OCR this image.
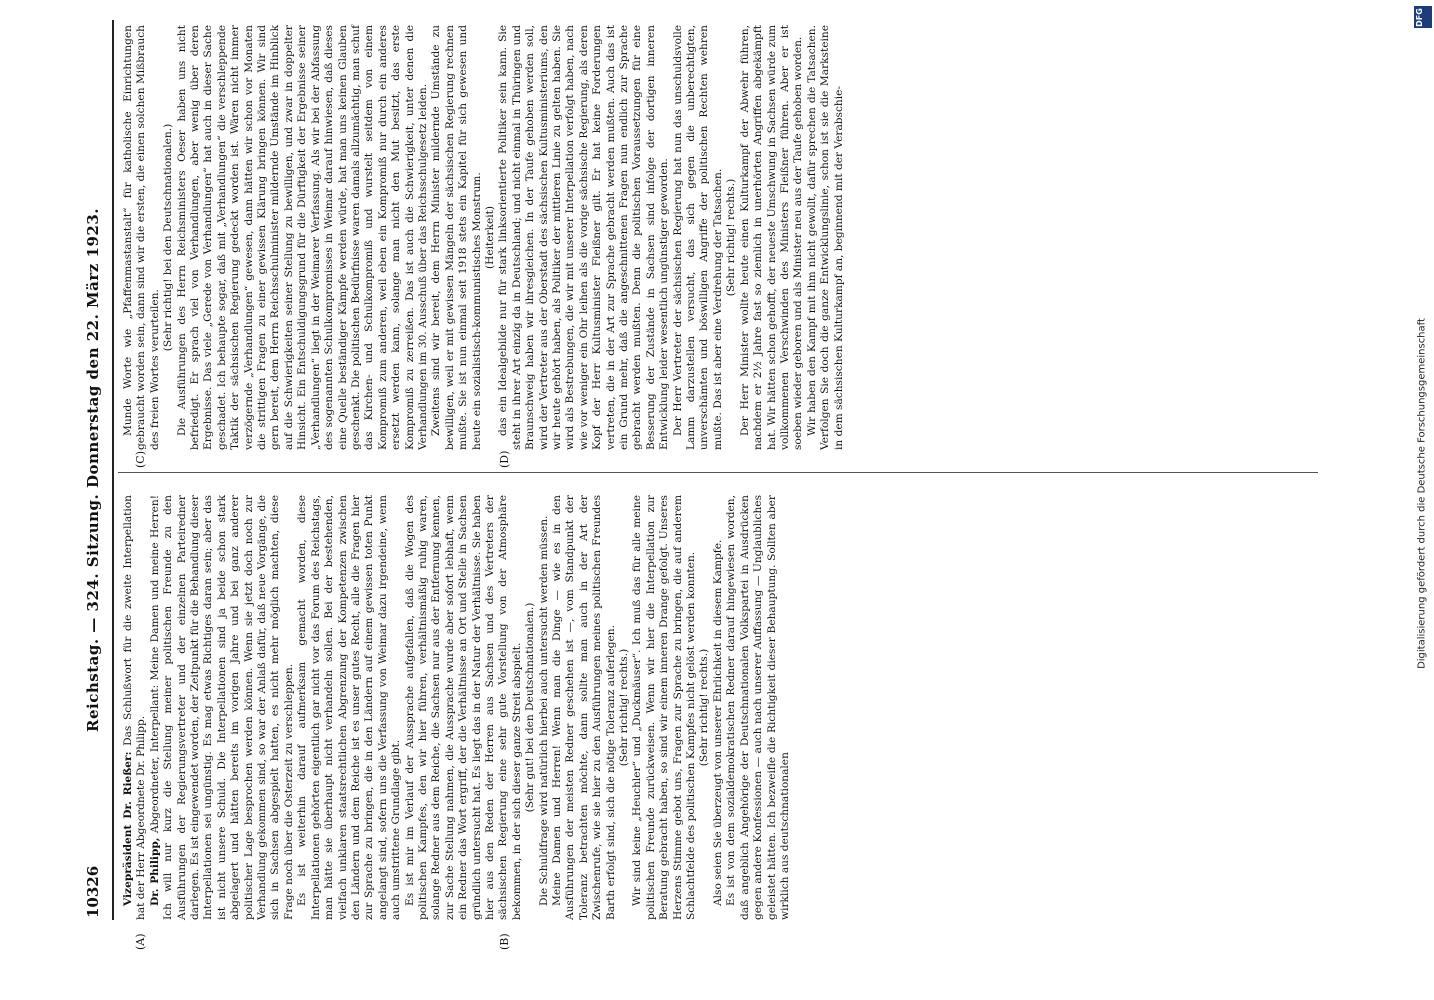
10326
Reichstag. — 324. Sitzung. Donnerstag den 22. März 1923.

Vizepräsident Dr. Rießer: Das Schlußwort für die zweite Interpellation hat der Herr Abgeordnete Dr. Philipp. Dr. Philipp, Abgeordneter, Interpellant: Meine Damen und meine Herren! Ich will nur kurz die Stellung meiner politischen Freunde zu den Ausführungen der Regierungsvertreter und der einzelnen Parteiredner darlegen. Es ist eingewendet worden, der Zeitpunkt für die Behandlung dieser Interpellationen sei ungünstig. Es mag etwas Richtiges daran sein; aber das ist nicht unsere Schuld. Die Interpellationen sind ja beide schon stark abgelagert und hätten bereits im vorigen Jahre und bei ganz anderer politischer Lage besprochen werden können. Wenn sie jetzt doch noch zur Verhandlung gekommen sind, so war der Anlaß dafür, daß neue Vorgänge, die sich in Sachsen abgespielt hatten, es nicht mehr möglich machten, diese Frage noch über die Osterzeit zu verschleppen. Es ist weiterhin darauf aufmerksam gemacht worden, diese Interpellationen gehörten eigentlich gar nicht vor das Forum des Reichstags, man hätte sie überhaupt nicht verhandeln sollen. Bei der bestehenden, vielfach unklaren staatsrechtlichen Abgrenzung der Kompetenzen zwischen den Ländern und dem Reiche ist es unser gutes Recht, alle die Fragen hier zur Sprache zu bringen, die in den Ländern auf einem gewissen toten Punkt angelangt sind, sofern uns die Verfassung von Weimar dazu irgendeine, wenn auch umstrittene Grundlage gibt. Es ist mir im Verlauf der Aussprache aufgefallen, daß die Wogen des politischen Kampfes, den wir hier führen, verhältnismäßig ruhig waren, solange Redner aus dem Reiche, die Sachsen nur aus der Entfernung kennen, zur Sache Stellung nahmen, die Aussprache wurde aber sofort lebhaft, wenn ein Redner das Wort ergriff, der die Verhältnisse an Ort und Stelle in Sachsen gründlich untersucht hat. Es liegt das in der Natur der Verhältnisse. Sie haben hier aus den Reden der Herren aus Sachsen und des Vertreters der sächsischen Regierung eine sehr gute Vorstellung von der Atmosphäre bekommen, in der sich dieser ganze Streit abspielt. (Sehr gut! bei den Deutschnationalen.) Die Schuldfrage wird natürlich hierbei auch untersucht werden müssen. Meine Damen und Herren! Wenn man die Dinge — wie es in den Ausführungen der meisten Redner geschehen ist —, vom Standpunkt der Toleranz betrachten möchte, dann sollte man auch in der Art der Zwischenrufe, wie sie hier zu den Ausführungen meines politischen Freundes Barth erfolgt sind, sich die nötige Toleranz auferlegen. (Sehr richtig! rechts.) Wir sind keine „Heuchler“ und „Duckmäuser“. Ich muß das für alle meine politischen Freunde zurückweisen. Wenn wir hier die Interpellation zur Beratung gebracht haben, so sind wir einem inneren Drange gefolgt. Unseres Herzens Stimme gebot uns, Fragen zur Sprache zu bringen, die auf anderem Schlachtfelde des politischen Kampfes nicht gelöst werden konnten. (Sehr richtig! rechts.) Also seien Sie überzeugt von unserer Ehrlichkeit in diesem Kampfe. Es ist von dem sozialdemokratischen Redner darauf hingewiesen worden, daß angeblich Angehörige der Deutschnationalen Volkspartei in Ausdrücken gegen andere Konfessionen — auch nach unserer Auffassung — Unglaubliches geleistet hätten. Ich bezweifle die Richtigkeit dieser Behauptung. Sollten aber wirklich aus deutschnationalen

Munde Worte wie „Pfaffenmastanstalt“ für katholische Einrichtungen gebraucht worden sein, dann sind wir die ersten, die einen solchen Mißbrauch des freien Wortes verurteilen.

(Sehr richtig! bei den Deutschnationalen.) Die Ausführungen des Herrn Reichsministers Oeser haben uns nicht befriedigt. Er sprach viel von Verhandlungen, aber wenig über deren Ergebnisse. Das viele „Gerede von Verhandlungen“ hat auch in dieser Sache geschadet. Ich behaupte sogar, daß mit „Verhandlungen“ die verschleppende Taktik der sächsischen Regierung gedeckt worden ist. Wären nicht immer verzögernde „Verhandlungen“ gewesen, dann hätten wir schon vor Monaten die strittigen Fragen zu einer gewissen Klärung bringen können. Wir sind gern bereit, dem Herrn Reichsschulminister mildernde Umstände im Hinblick auf die Schwierigkeiten seiner Stellung zu bewilligen, und zwar in doppelter Hinsicht. Ein Entschuldigungsgrund für die Dürftigkeit der Ergebnisse seiner „Verhandlungen“ liegt in der Weimarer Verfassung. Als wir bei der Abfassung des sogenannten Schulkompromisses in Weimar darauf hinwiesen, daß dieses eine Quelle beständiger Kämpfe werden würde, hat man uns keinen Glauben geschenkt. Die politischen Bedürfnisse waren damals allzumächtig, man schuf das Kirchen- und Schulkompromiß und wurstelt seitdem von einem Kompromiß zum anderen, weil eben ein Kompromiß nur durch ein anderes ersetzt werden kann, solange man nicht den Mut besitzt, das erste Kompromiß zu zerreißen. Das ist auch die Schwierigkeit, unter denen die Verhandlungen im 30. Ausschuß über das Reichsschulgesetz leiden. Zweitens sind wir bereit, dem Herrn Minister mildernde Umstände zu bewilligen, weil er mit gewissen Mängeln der sächsischen Regierung rechnen mußte. Sie ist nun einmal seit 1918 stets ein Kapitel für sich gewesen und heute ein sozialistisch-kommunistisches Monstrum. (Heiterkeit) das ein Idealgebilde nur für stark linksorientierte Politiker sein kann. Sie steht in ihrer Art einzig da in Deutschland; und nicht einmal in Thüringen und Braunschweig haben wir ihresgleichen. In der Taufe gehoben werden soll, wird der Vertreter aus der Oberstadt des sächsischen Kultusministeriums, den wir heute gehört haben, als Politiker der mittleren Linie zu gelten haben. Sie wird als Bestrebungen, die wir mit unserer Interpellation verfolgt haben, nach wie vor weniger ein Ohr leihen als die vorige sächsische Regierung, als deren Kopf der Herr Kultusminister Fleißner gilt. Er hat keine Forderungen vertreten, die in der Art zur Sprache gebracht werden mußten. Auch das ist ein Grund mehr, daß die angeschnittenen Fragen nun endlich zur Sprache gebracht werden mußten. Denn die politischen Voraussetzungen für eine Besserung der Zustände in Sachsen sind infolge der dortigen inneren Entwicklung leider wesentlich ungünstiger geworden. Der Herr Vertreter der sächsischen Regierung hat nun das unschuldsvolle Lamm darzustellen versucht, das sich gegen die unberechtigten, unverschämten und böswilligen Angriffe der politischen Rechten wehren mußte. Das ist aber eine Verdrehung der Tatsachen. (Sehr richtig! rechts.) Der Herr Minister wollte heute einen Kulturkampf der Abwehr führen, nachdem er 2½ Jahre fast so ziemlich in unerhörten Angriffen abgekämpft hat. Wir hätten schon gehofft, der neueste Umschwung in Sachsen würde zum vollkommenen Verschwinden des Ministers Fleißner führen. Aber er ist soeben wieder geboren und als Minister neu aus der Taufe gehoben worden. Wir haben den Kampf mit ihm nicht gewollt, dafür sprechen die Tatsachen. Verfolgen Sie doch die ganze Entwicklungslinie, schon ist sie die Marksteine in dem sächsischen Kulturkampf an, beginnend mit der Verabschie-

(A)	(B)
(C)	(D)	Digitalisierung gefördert durch die Deutsche Forschungsgemeinschaft
DFG
